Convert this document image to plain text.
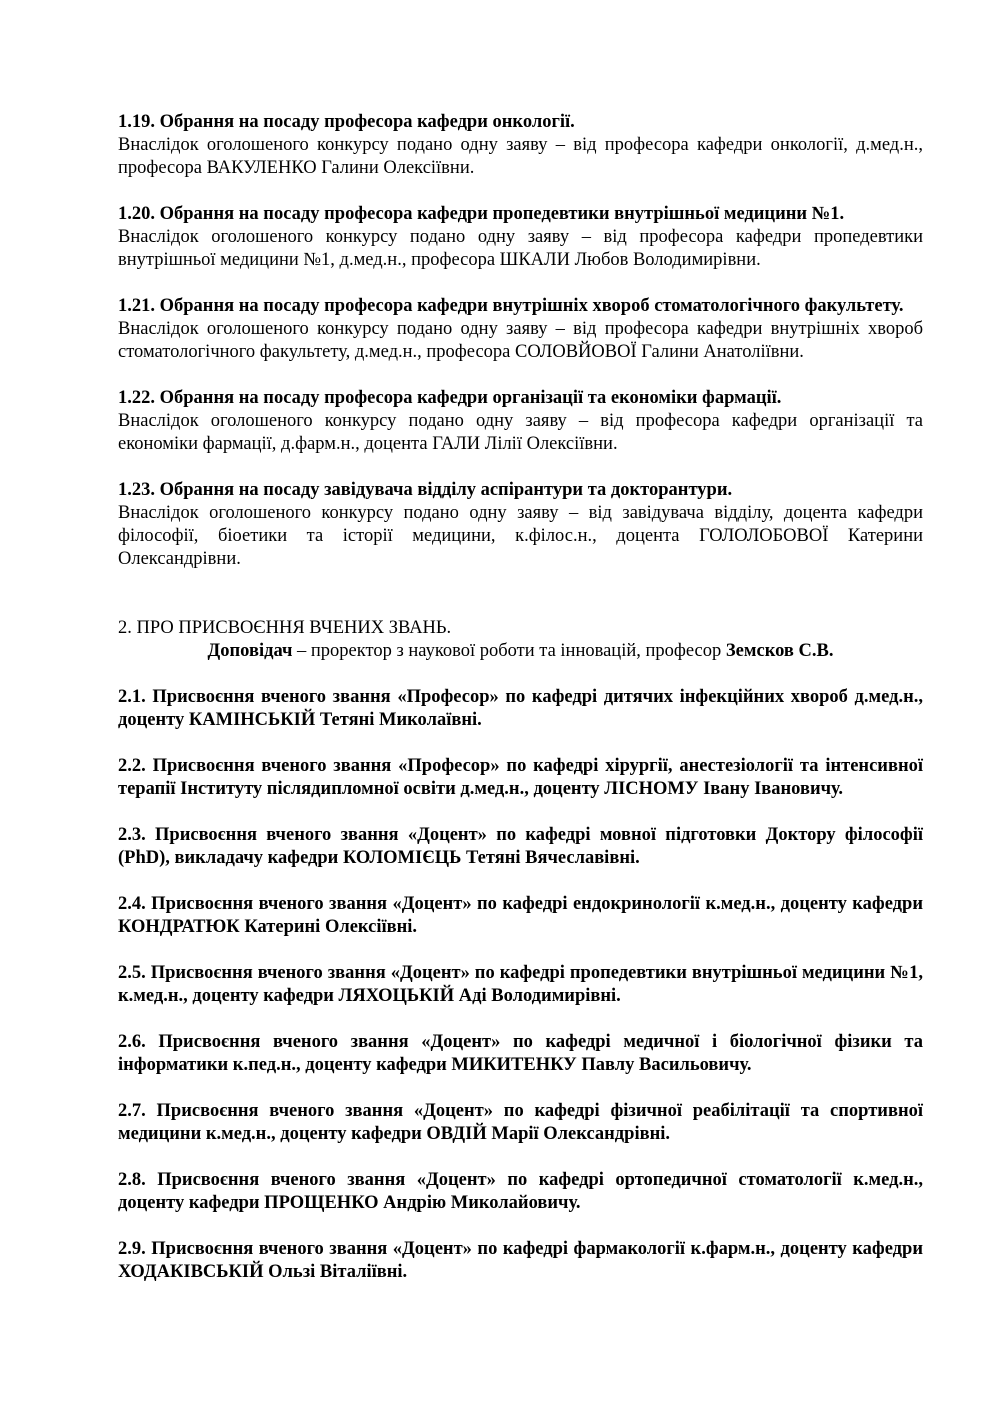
1.19. Обрання на посаду професора кафедри онкології.
Внаслідок оголошеного конкурсу подано одну заяву – від професора кафедри онкології, д.мед.н., професора ВАКУЛЕНКО Галини Олексіївни.
1.20. Обрання на посаду професора кафедри пропедевтики внутрішньої медицини №1.
Внаслідок оголошеного конкурсу подано одну заяву – від професора кафедри пропедевтики внутрішньої медицини №1, д.мед.н., професора ШКАЛИ Любов Володимирівни.
1.21. Обрання на посаду професора кафедри внутрішніх хвороб стоматологічного факультету.
Внаслідок оголошеного конкурсу подано одну заяву – від професора кафедри внутрішніх хвороб стоматологічного факультету, д.мед.н., професора СОЛОВЙОВОЇ Галини Анатоліївни.
1.22. Обрання на посаду професора кафедри організації та економіки фармації.
Внаслідок оголошеного конкурсу подано одну заяву – від професора кафедри організації та економіки фармації, д.фарм.н., доцента ГАЛИ Лілії Олексіївни.
1.23. Обрання на посаду завідувача відділу аспірантури та докторантури.
Внаслідок оголошеного конкурсу подано одну заяву – від завідувача відділу, доцента кафедри філософії, біоетики та історії медицини, к.філос.н., доцента ГОЛОЛОБОВОЇ Катерини Олександрівни.
2. ПРО ПРИСВОЄННЯ ВЧЕНИХ ЗВАНЬ.
Доповідач – проректор з наукової роботи та інновацій, професор Земсков С.В.
2.1. Присвоєння вченого звання «Професор» по кафедрі дитячих інфекційних хвороб д.мед.н., доценту КАМІНСЬКІЙ Тетяні Миколаївні.
2.2. Присвоєння вченого звання «Професор» по кафедрі хірургії, анестезіології та інтенсивної терапії Інституту післядипломної освіти д.мед.н., доценту ЛІСНОМУ Івану Івановичу.
2.3. Присвоєння вченого звання «Доцент» по кафедрі мовної підготовки Доктору філософії (PhD), викладачу кафедри КОЛОМІЄЦЬ Тетяні Вячеславівні.
2.4. Присвоєння вченого звання «Доцент» по кафедрі ендокринології к.мед.н., доценту кафедри КОНДРАТЮК Катерині Олексіївні.
2.5. Присвоєння вченого звання «Доцент» по кафедрі пропедевтики внутрішньої медицини №1, к.мед.н., доценту кафедри ЛЯХОЦЬКІЙ Аді Володимирівні.
2.6. Присвоєння вченого звання «Доцент» по кафедрі медичної і біологічної фізики та інформатики к.пед.н., доценту кафедри МИКИТЕНКУ Павлу Васильовичу.
2.7. Присвоєння вченого звання «Доцент» по кафедрі фізичної реабілітації та спортивної медицини к.мед.н., доценту кафедри ОВДІЙ Марії Олександрівні.
2.8. Присвоєння вченого звання «Доцент» по кафедрі ортопедичної стоматології к.мед.н., доценту кафедри ПРОЩЕНКО Андрію Миколайовичу.
2.9. Присвоєння вченого звання «Доцент» по кафедрі фармакології к.фарм.н., доценту кафедри ХОДАКІВСЬКІЙ Ользі Віталіївні.
